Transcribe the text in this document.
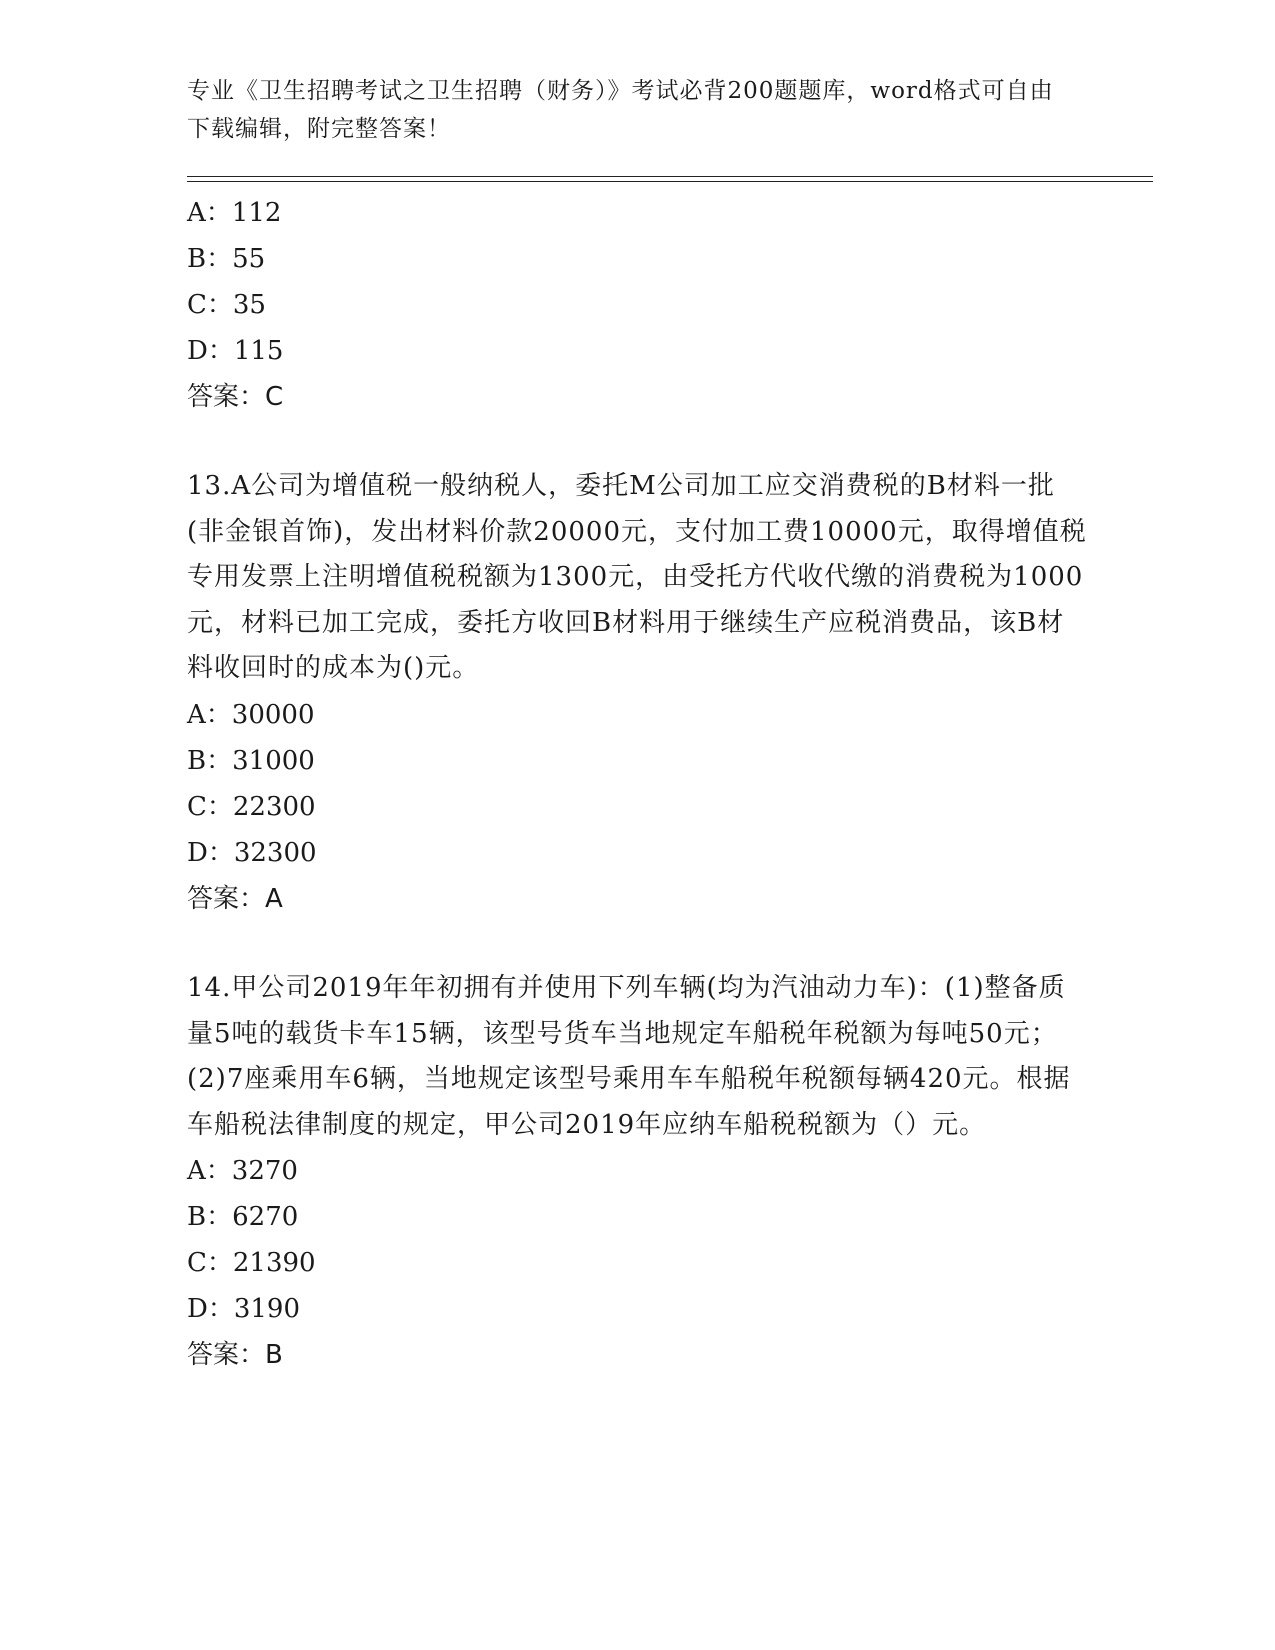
专业《卫生招聘考试之卫生招聘（财务）》考试必背200题题库，word格式可自由下载编辑，附完整答案！
A：112
B：55
C：35
D：115
答案：C
13.A公司为增值税一般纳税人，委托M公司加工应交消费税的B材料一批(非金银首饰)，发出材料价款20000元，支付加工费10000元，取得增值税专用发票上注明增值税税额为1300元，由受托方代收代缴的消费税为1000元，材料已加工完成，委托方收回B材料用于继续生产应税消费品，该B材料收回时的成本为()元。
A：30000
B：31000
C：22300
D：32300
答案：A
14.甲公司2019年年初拥有并使用下列车辆(均为汽油动力车)：(1)整备质量5吨的载货卡车15辆，该型号货车当地规定车船税年税额为每吨50元；(2)7座乘用车6辆，当地规定该型号乘用车车船税年税额每辆420元。根据车船税法律制度的规定，甲公司2019年应纳车船税税额为（）元。
A：3270
B：6270
C：21390
D：3190
答案：B
